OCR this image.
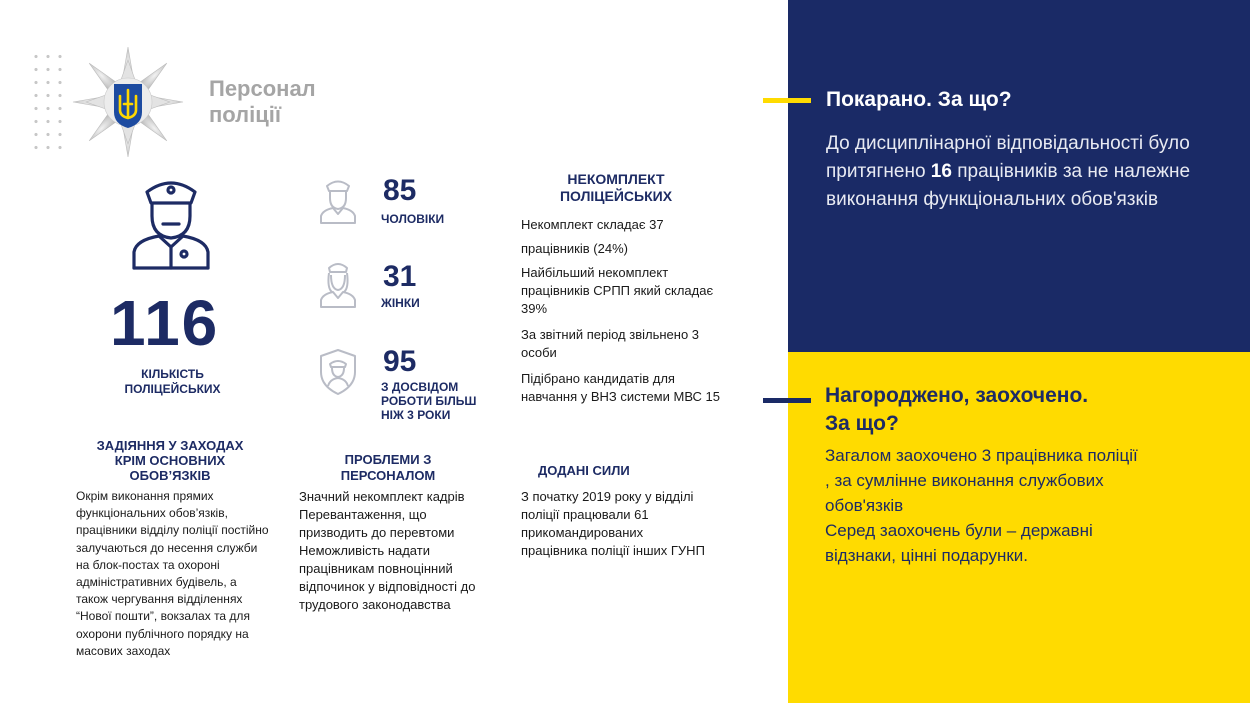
Персонал
поліції
116
КІЛЬКІСТЬ
ПОЛІЦЕЙСЬКИХ
85
ЧОЛОВІКИ
31
ЖІНКИ
95
З ДОСВІДОМ
РОБОТИ БІЛЬШ
НІЖ 3 РОКИ
НЕКОМПЛЕКТ
ПОЛІЦЕЙСЬКИХ
Некомплект складає 37
працівників (24%)
Найбільший некомплект працівників СРПП який складає 39%
За звітний період звільнено 3 особи
Підібрано кандидатів для навчання у ВНЗ системи МВС 15
ЗАДІЯННЯ У ЗАХОДАХ
КРІМ ОСНОВНИХ
ОБОВ’ЯЗКІВ
Окрім виконання прямих функціональних обов’язків, працівники відділу поліції постійно залучаються до несення служби на блок-постах та охороні адміністративних будівель, а також чергування відділеннях “Нової пошти”, вокзалах та для охорони публічного порядку на масових заходах
ПРОБЛЕМИ З
ПЕРСОНАЛОМ
Значний некомплект кадрів
Перевантаження, що призводить до перевтоми
Неможливість надати працівникам повноцінний відпочинок у відповідності до трудового законодавства
ДОДАНІ СИЛИ
З початку 2019 року у відділі поліції працювали 61 прикомандированих працівника поліції інших ГУНП
Покарано. За що?
До дисциплінарної відповідальності було притягнено 16 працівників за не належне виконання функціональних обов'язків
Нагороджено, заохочено.
За що?
Загалом заохочено 3 працівника поліції , за сумлінне виконання службових обов'язків
Серед заохочень були – державні відзнаки, цінні подарунки.
